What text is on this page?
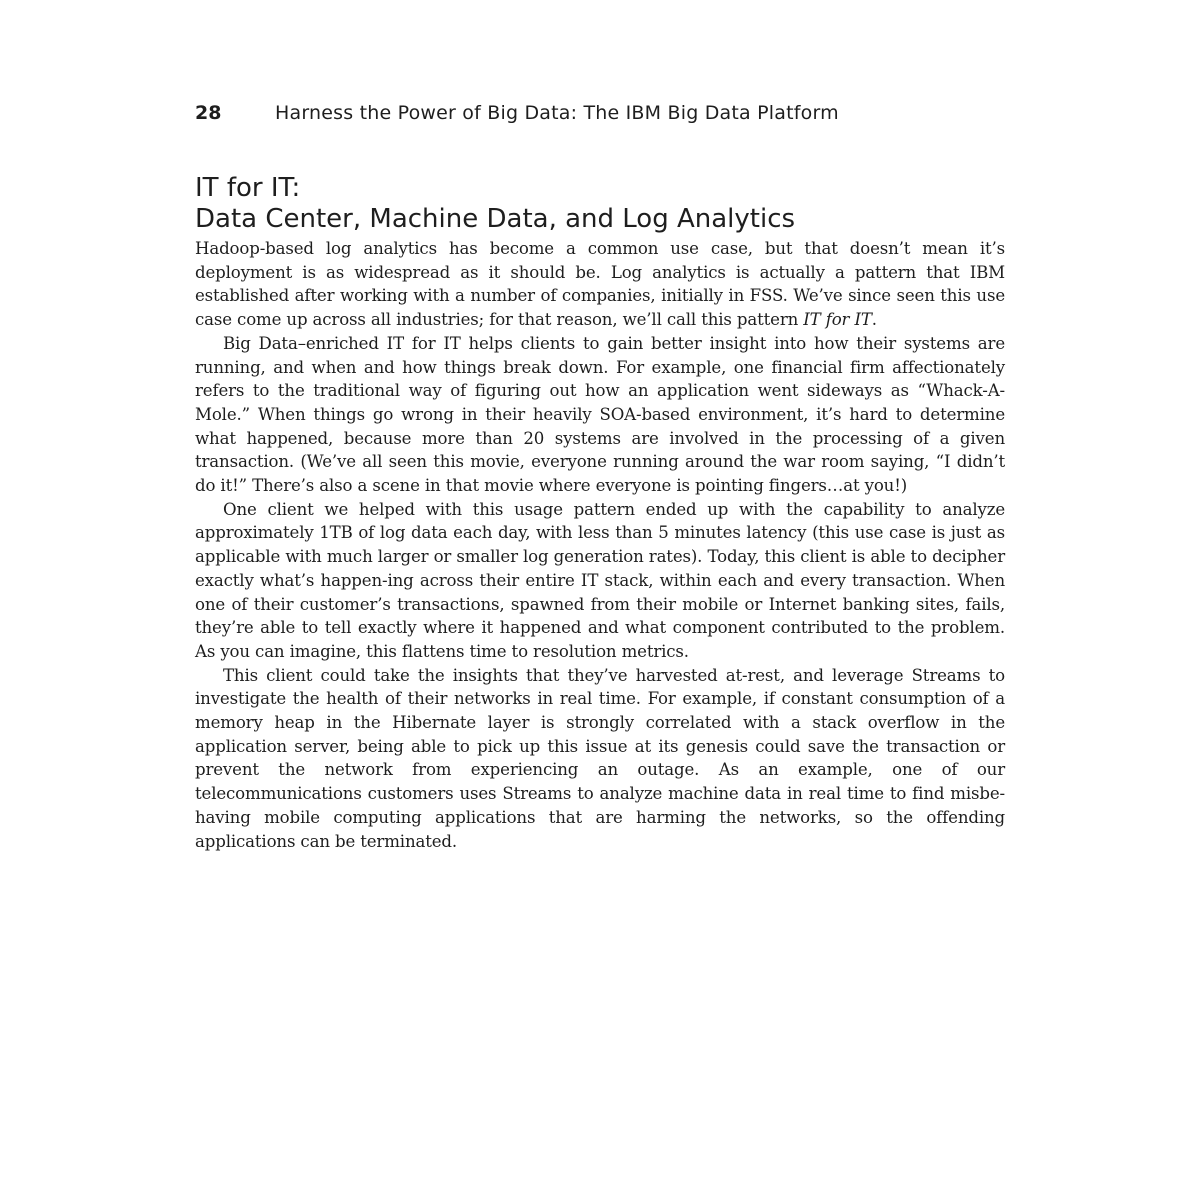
28	Harness the Power of Big Data: The IBM Big Data Platform
IT for IT:
Data Center, Machine Data, and Log Analytics

Hadoop-based log analytics has become a common use case, but that doesn’t mean it’s deployment is as widespread as it should be. Log analytics is actually a pattern that IBM established after working with a number of companies, initially in FSS. We’ve since seen this use case come up across all industries; for that reason, we’ll call this pattern IT for IT.

Big Data–enriched IT for IT helps clients to gain better insight into how their systems are running, and when and how things break down. For example, one financial firm affectionately refers to the traditional way of figuring out how an application went sideways as “Whack-A-Mole.” When things go wrong in their heavily SOA-based environment, it’s hard to determine what happened, because more than 20 systems are involved in the processing of a given transaction. (We’ve all seen this movie, everyone running around the war room saying, “I didn’t do it!” There’s also a scene in that movie where everyone is pointing fingers…at you!)

One client we helped with this usage pattern ended up with the capability to analyze approximately 1TB of log data each day, with less than 5 minutes latency (this use case is just as applicable with much larger or smaller log generation rates). Today, this client is able to decipher exactly what’s happen-ing across their entire IT stack, within each and every transaction. When one of their customer’s transactions, spawned from their mobile or Internet banking sites, fails, they’re able to tell exactly where it happened and what component contributed to the problem. As you can imagine, this flattens time to resolution metrics.

This client could take the insights that they’ve harvested at-rest, and leverage Streams to investigate the health of their networks in real time. For example, if constant consumption of a memory heap in the Hibernate layer is strongly correlated with a stack overflow in the application server, being able to pick up this issue at its genesis could save the transaction or prevent the network from experiencing an outage. As an example, one of our telecommunications customers uses Streams to analyze machine data in real time to find misbe-having mobile computing applications that are harming the networks, so the offending applications can be terminated.
